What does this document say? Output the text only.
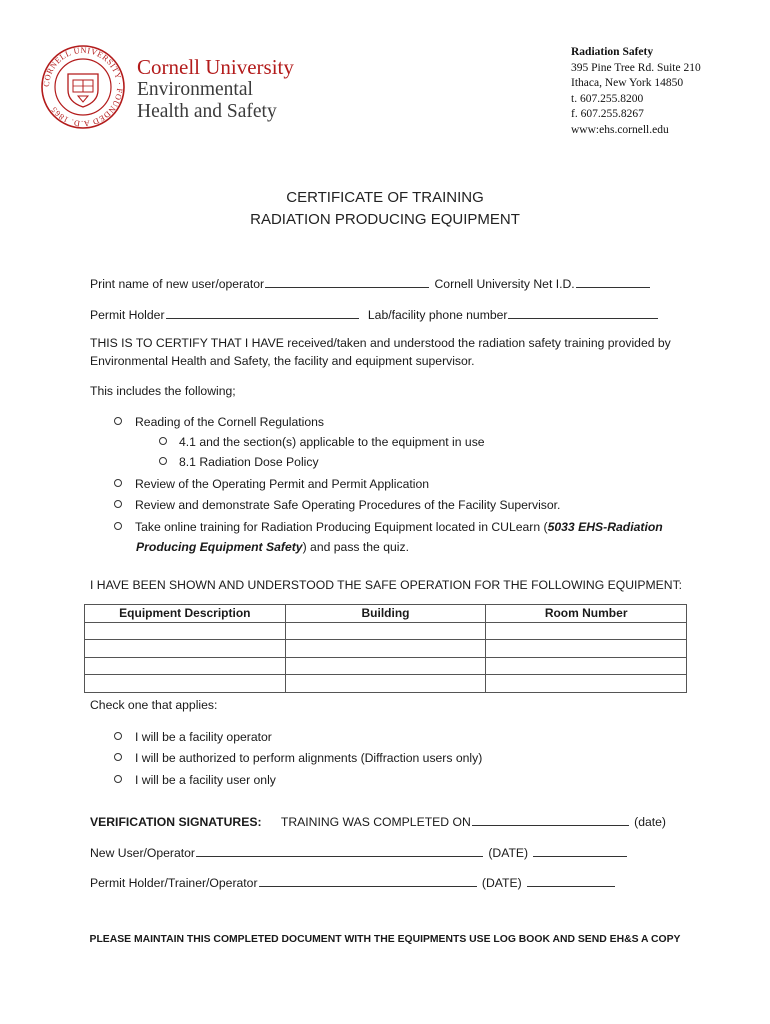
CORNELL UNIVERSITY · FOUNDED A.D. 1865
Cornell University
Environmental
Health and Safety
Radiation Safety
395 Pine Tree Rd. Suite 210
Ithaca, New York 14850
t. 607.255.8200
f. 607.255.8267
www:ehs.cornell.edu
CERTIFICATE OF TRAINING
RADIATION PRODUCING EQUIPMENT
Print name of new user/operator	Cornell University Net I.D.
Permit Holder	Lab/facility phone number
THIS IS TO CERTIFY THAT I HAVE received/taken and understood the radiation safety training provided by
Environmental Health and Safety, the facility and equipment supervisor.
This includes the following;
Reading of the Cornell Regulations
4.1 and the section(s) applicable to the equipment in use
8.1 Radiation Dose Policy
Review of the Operating Permit and Permit Application
Review and demonstrate Safe Operating Procedures of the Facility Supervisor.
Take online training for Radiation Producing Equipment located in CULearn (5033 EHS-Radiation
Producing Equipment Safety) and pass the quiz.
I HAVE BEEN SHOWN AND UNDERSTOOD THE SAFE OPERATION FOR THE FOLLOWING EQUIPMENT:
Equipment Description	Building	Room Number

Check one that applies:
I will be a facility operator
I will be authorized to perform alignments (Diffraction users only)
I will be a facility user only
VERIFICATION SIGNATURES: TRAINING WAS COMPLETED ON	(date)
New User/Operator	(DATE)
Permit Holder/Trainer/Operator	(DATE)
PLEASE MAINTAIN THIS COMPLETED DOCUMENT WITH THE EQUIPMENTS USE LOG BOOK AND SEND EH&S A COPY
